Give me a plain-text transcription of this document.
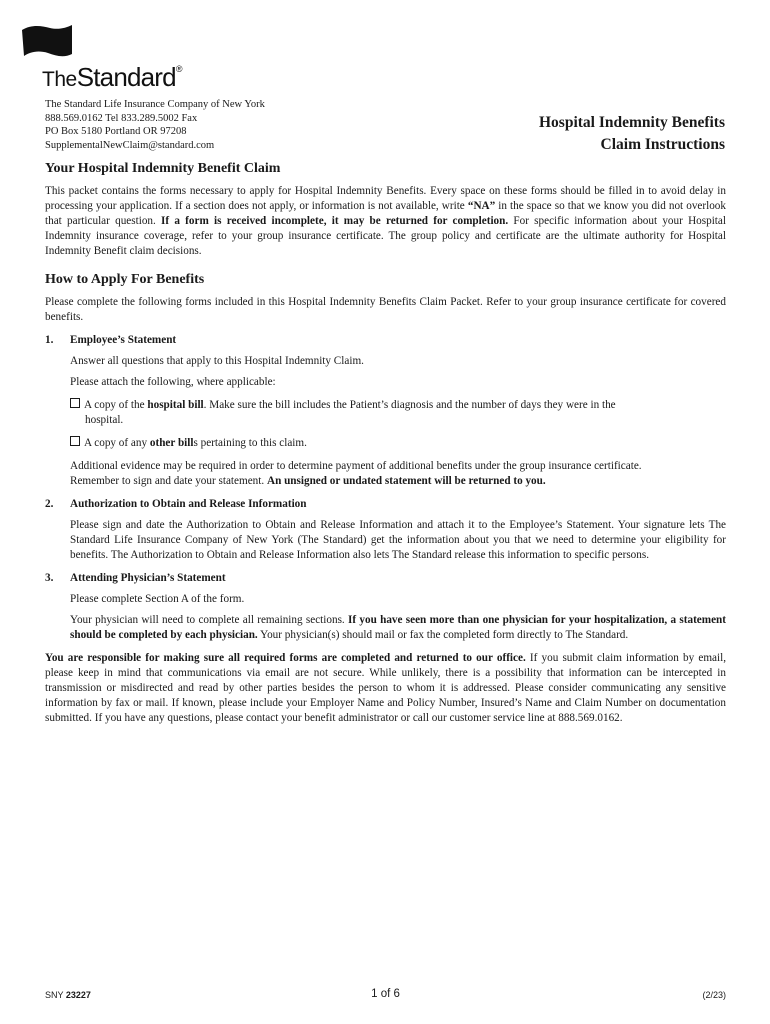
TheStandard®
The Standard Life Insurance Company of New York
888.569.0162 Tel 833.289.5002 Fax
PO Box 5180 Portland OR 97208
SupplementalNewClaim@standard.com
Hospital Indemnity Benefits
Claim Instructions
Your Hospital Indemnity Benefit Claim

This packet contains the forms necessary to apply for Hospital Indemnity Benefits. Every space on these forms should be filled in to avoid delay in processing your application. If a section does not apply, or information is not available, write “NA” in the space so that we know you did not overlook that particular question. If a form is received incomplete, it may be returned for completion. For specific information about your Hospital Indemnity insurance coverage, refer to your group insurance certificate. The group policy and certificate are the ultimate authority for Hospital Indemnity Benefit claim decisions.

How to Apply For Benefits

Please complete the following forms included in this Hospital Indemnity Benefits Claim Packet. Refer to your group insurance certificate for covered benefits.

1.	Employee’s Statement

Answer all questions that apply to this Hospital Indemnity Claim.

Please attach the following, where applicable:

A copy of the hospital bill. Make sure the bill includes the Patient’s diagnosis and the number of days they were in the
hospital.

A copy of any other bills pertaining to this claim.

Additional evidence may be required in order to determine payment of additional benefits under the group insurance certificate.
Remember to sign and date your statement. An unsigned or undated statement will be returned to you.

2.	Authorization to Obtain and Release Information

Please sign and date the Authorization to Obtain and Release Information and attach it to the Employee’s Statement. Your signature lets The Standard Life Insurance Company of New York (The Standard) get the information about you that we need to determine your eligibility for benefits. The Authorization to Obtain and Release Information also lets The Standard release this information to specific persons.

3.	Attending Physician’s Statement

Please complete Section A of the form.

Your physician will need to complete all remaining sections. If you have seen more than one physician for your hospitalization, a statement should be completed by each physician. Your physician(s) should mail or fax the completed form directly to The Standard.

You are responsible for making sure all required forms are completed and returned to our office. If you submit claim information by email, please keep in mind that communications via email are not secure. While unlikely, there is a possibility that information can be intercepted in transmission or misdirected and read by other parties besides the person to whom it is addressed. Please consider communicating any sensitive information by fax or mail. If known, please include your Employer Name and Policy Number, Insured’s Name and Claim Number on documentation submitted. If you have any questions, please contact your benefit administrator or call our customer service line at 888.569.0162.

SNY 23227	1 of 6	(2/23)
